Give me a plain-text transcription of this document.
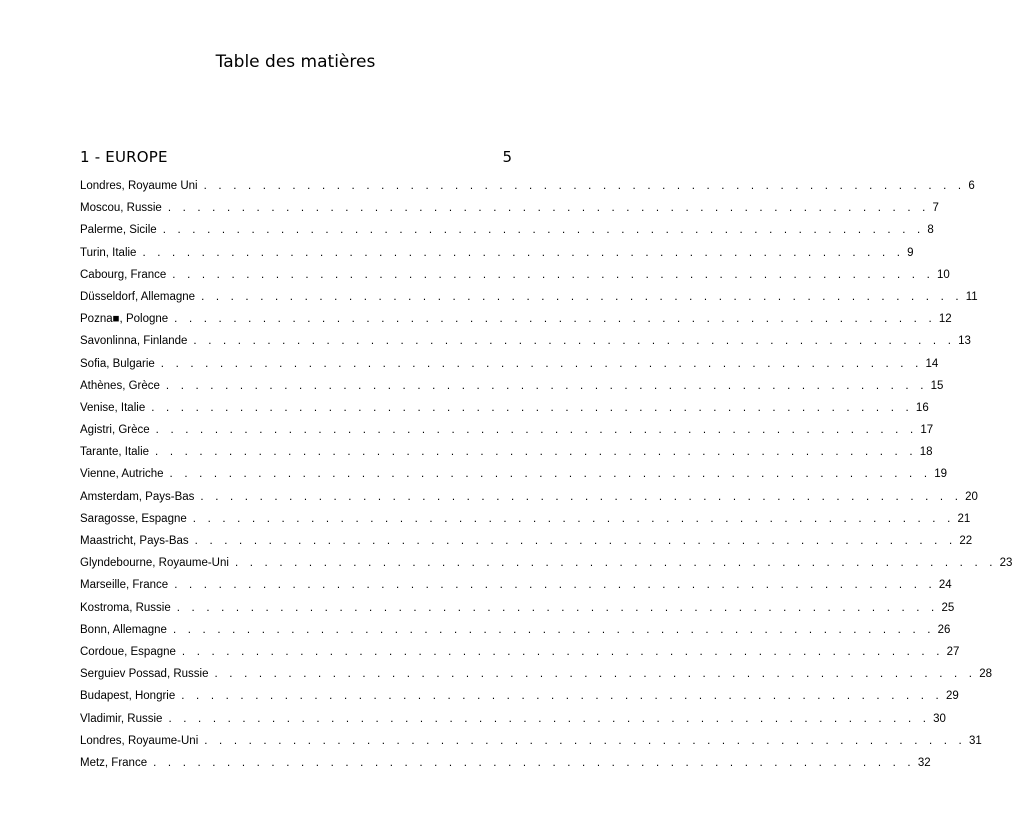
Table des matières
1 - EUROPE	5
Londres, Royaume Uni . . . . . . . . . . . . . . . . . . . . . . . . . . . . . . . . . . . . . . . . . . . . . . . . . . . . 6
Moscou, Russie . . . . . . . . . . . . . . . . . . . . . . . . . . . . . . . . . . . . . . . . . . . . . . . . . . . . 7
Palerme, Sicile . . . . . . . . . . . . . . . . . . . . . . . . . . . . . . . . . . . . . . . . . . . . . . . . . . . . 8
Turin, Italie . . . . . . . . . . . . . . . . . . . . . . . . . . . . . . . . . . . . . . . . . . . . . . . . . . . . 9
Cabourg, France . . . . . . . . . . . . . . . . . . . . . . . . . . . . . . . . . . . . . . . . . . . . . . . . . . . . 10
Düsseldorf, Allemagne . . . . . . . . . . . . . . . . . . . . . . . . . . . . . . . . . . . . . . . . . . . . . . . . . . . . 11
Pozna■, Pologne . . . . . . . . . . . . . . . . . . . . . . . . . . . . . . . . . . . . . . . . . . . . . . . . . . . . 12
Savonlinna, Finlande . . . . . . . . . . . . . . . . . . . . . . . . . . . . . . . . . . . . . . . . . . . . . . . . . . . . 13
Sofia, Bulgarie . . . . . . . . . . . . . . . . . . . . . . . . . . . . . . . . . . . . . . . . . . . . . . . . . . . . 14
Athènes, Grèce . . . . . . . . . . . . . . . . . . . . . . . . . . . . . . . . . . . . . . . . . . . . . . . . . . . . 15
Venise, Italie . . . . . . . . . . . . . . . . . . . . . . . . . . . . . . . . . . . . . . . . . . . . . . . . . . . . 16
Agistri, Grèce . . . . . . . . . . . . . . . . . . . . . . . . . . . . . . . . . . . . . . . . . . . . . . . . . . . . 17
Tarante, Italie . . . . . . . . . . . . . . . . . . . . . . . . . . . . . . . . . . . . . . . . . . . . . . . . . . . . 18
Vienne, Autriche . . . . . . . . . . . . . . . . . . . . . . . . . . . . . . . . . . . . . . . . . . . . . . . . . . . . 19
Amsterdam, Pays-Bas . . . . . . . . . . . . . . . . . . . . . . . . . . . . . . . . . . . . . . . . . . . . . . . . . . . . 20
Saragosse, Espagne . . . . . . . . . . . . . . . . . . . . . . . . . . . . . . . . . . . . . . . . . . . . . . . . . . . . 21
Maastricht, Pays-Bas . . . . . . . . . . . . . . . . . . . . . . . . . . . . . . . . . . . . . . . . . . . . . . . . . . . . 22
Glyndebourne, Royaume-Uni . . . . . . . . . . . . . . . . . . . . . . . . . . . . . . . . . . . . . . . . . . . . . . . . . . . . 23
Marseille, France . . . . . . . . . . . . . . . . . . . . . . . . . . . . . . . . . . . . . . . . . . . . . . . . . . . . 24
Kostroma, Russie . . . . . . . . . . . . . . . . . . . . . . . . . . . . . . . . . . . . . . . . . . . . . . . . . . . . 25
Bonn, Allemagne . . . . . . . . . . . . . . . . . . . . . . . . . . . . . . . . . . . . . . . . . . . . . . . . . . . . 26
Cordoue, Espagne . . . . . . . . . . . . . . . . . . . . . . . . . . . . . . . . . . . . . . . . . . . . . . . . . . . . 27
Serguiev Possad, Russie . . . . . . . . . . . . . . . . . . . . . . . . . . . . . . . . . . . . . . . . . . . . . . . . . . . . 28
Budapest, Hongrie . . . . . . . . . . . . . . . . . . . . . . . . . . . . . . . . . . . . . . . . . . . . . . . . . . . . 29
Vladimir, Russie . . . . . . . . . . . . . . . . . . . . . . . . . . . . . . . . . . . . . . . . . . . . . . . . . . . . 30
Londres, Royaume-Uni . . . . . . . . . . . . . . . . . . . . . . . . . . . . . . . . . . . . . . . . . . . . . . . . . . . . 31
Metz, France . . . . . . . . . . . . . . . . . . . . . . . . . . . . . . . . . . . . . . . . . . . . . . . . . . . . 32
